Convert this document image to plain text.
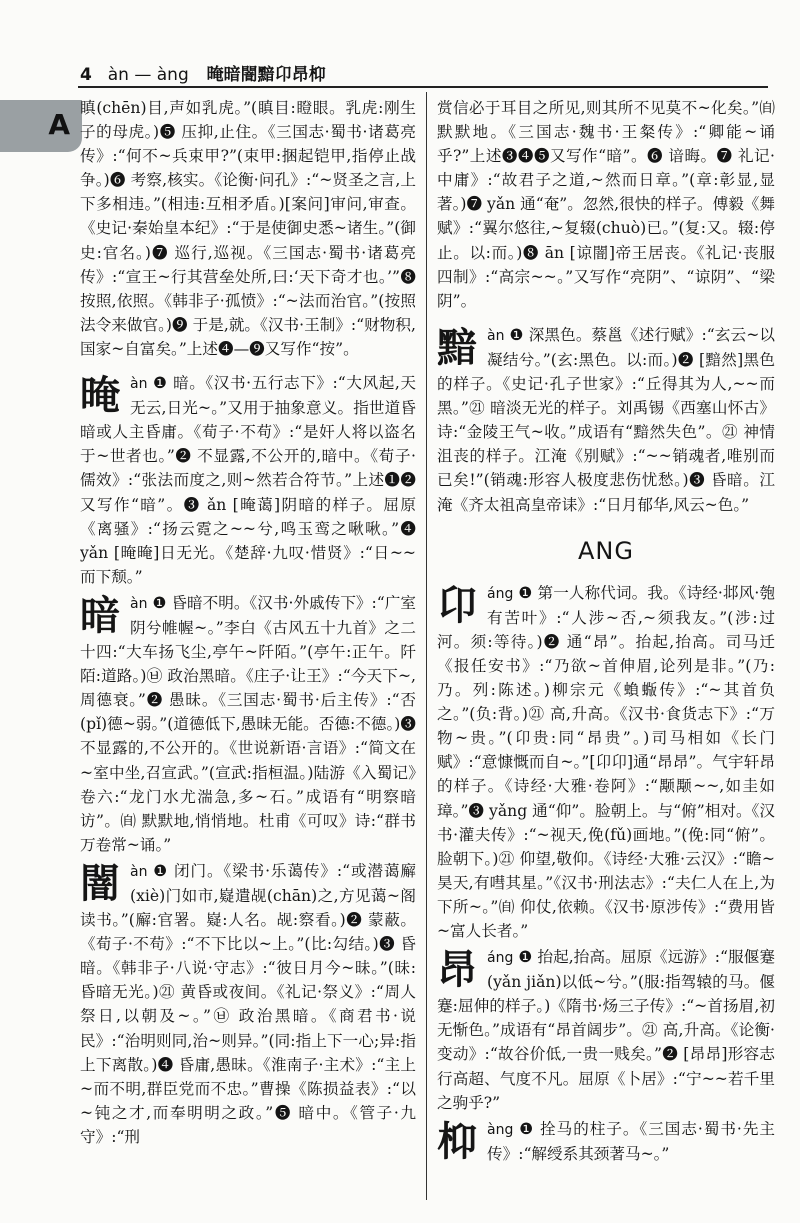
4 àn — àng 晻暗闇黯卬昂枊
A 瞋(chēn)目,声如乳虎。”(瞋目:瞪眼。乳虎:刚生子的母虎。)❺ 压抑,止住。《三国志·蜀书·诸葛亮传》:“何不~兵束甲?”(束甲:捆起铠甲,指停止战争。)❻ 考察,核实。《论衡·问孔》:“~贤圣之言,上下多相违。”(相违:互相矛盾。)[案问]审问,审查。《史记·秦始皇本纪》:“于是使御史悉~诸生。”(御史:官名。)❼ 巡行,巡视。《三国志·蜀书·诸葛亮传》:“宣王~行其营垒处所,曰:‘天下奇才也。’”❽ 按照,依照。《韩非子·孤愤》:“~法而治官。”(按照法令来做官。)❾ 于是,就。《汉书·王制》:“财物积,国家~自富矣。”上述❹—❾又写作“按”。
晻 àn ❶ 暗。《汉书·五行志下》:“大风起,天无云,日光~。”又用于抽象意义。指世道昏暗或人主昏庸。《荀子·不苟》:“是奸人将以盗名于~世者也。”❷ 不显露,不公开的,暗中。《荀子·儒效》:“张法而度之,则~然若合符节。”上述❶❷又写作“暗”。❸ ǎn [晻蔼]阴暗的样子。屈原《离骚》:“扬云霓之~~兮,鸣玉鸾之啾啾。”❹ yǎn [晻晻]日无光。《楚辞·九叹·惜贤》:“日~~而下颓。”
暗 àn ❶ 昏暗不明。《汉书·外戚传下》:“广室阴兮帷幄~。”李白《古风五十九首》之二十四:“大车扬飞尘,亭午~阡陌。”(亭午:正午。阡陌:道路。)㉥ 政治黑暗。《庄子·让王》:“今天下~,周德衰。”❷ 愚昧。《三国志·蜀书·后主传》:“否(pǐ)德~弱。”(道德低下,愚昧无能。否德:不德。)❸ 不显露的,不公开的。《世说新语·言语》:“简文在~室中坐,召宣武。”(宣武:指桓温。)陆游《入蜀记》卷六:“龙门水尤湍急,多~石。”成语有“明察暗访”。㉂ 默默地,悄悄地。杜甫《可叹》诗:“群书万卷常~诵。”
闇 àn ❶ 闭门。《梁书·乐蔼传》:“或潜蔼廨(xiè)门如市,嶷遣觇(chān)之,方见蔼~阁读书。”(廨:官署。嶷:人名。觇:察看。)❷ 蒙蔽。《荀子·不苟》:“不下比以~上。”(比:勾结。)❸ 昏暗。《韩非子·八说·守志》:“彼日月今~昧。”(昧:昏暗无光。)㉑ 黄昏或夜间。《礼记·祭义》:“周人祭日,以朝及~。”㉥ 政治黑暗。《商君书·说民》:“治明则同,治~则异。”(同:指上下一心;异:指上下离散。)❹ 昏庸,愚昧。《淮南子·主术》:“主上~而不明,群臣党而不忠。”曹操《陈损益表》:“以~钝之才,而奉明明之政。”❺ 暗中。《管子·九守》:“刑
赏信必于耳目之所见,则其所不见莫不~化矣。”㉂ 默默地。《三国志·魏书·王粲传》:“卿能~诵乎?”上述❸❹❺又写作“暗”。❻ 谙晦。❼ 礼记·中庸》:“故君子之道,~然而日章。”(章:彰显,显著。)❼ yǎn 通“奄”。忽然,很快的样子。傅毅《舞赋》:“翼尔悠往,~复辍(chuò)已。”(复:又。辍:停止。以:而。)❽ ān [谅闇]帝王居丧。《礼记·丧服四制》:“高宗~~。”又写作“亮阴”、“谅阴”、“梁阴”。
黯 àn ❶ 深黑色。蔡邕《述行赋》:“玄云~以凝结兮。”(玄:黑色。以:而。)❷ [黯然]黑色的样子。《史记·孔子世家》:“丘得其为人,~~而黑。”㉑ 暗淡无光的样子。刘禹锡《西塞山怀古》诗:“金陵王气~收。”成语有“黯然失色”。㉑ 神情沮丧的样子。江淹《别赋》:“~~销魂者,唯别而已矣!”(销魂:形容人极度悲伤忧愁。)❸ 昏暗。江淹《齐太祖高皇帝诔》:“日月郁华,风云~色。”
ANG
卬 áng ❶ 第一人称代词。我。《诗经·邶风·匏有苦叶》:“人涉~否,~须我友。”(涉:过河。须:等待。)❷ 通“昂”。抬起,抬高。司马迁《报任安书》:“乃欲~首伸眉,论列是非。”(乃:乃。列:陈述。)柳宗元《蝜蝂传》:“~其首负之。”(负:背。)㉑ 高,升高。《汉书·食货志下》:“万物~贵。”(卬贵:同“昂贵”。)司马相如《长门赋》:“意慷慨而自~。”[卬卬]通“昂昂”。气宇轩昂的样子。《诗经·大雅·卷阿》:“颙颙~~,如圭如璋。”❸ yǎng 通“仰”。脸朝上。与“俯”相对。《汉书·灌夫传》:“~视天,俛(fǔ)画地。”(俛:同“俯”。脸朝下。)㉑ 仰望,敬仰。《诗经·大雅·云汉》:“瞻~昊天,有嘒其星。”《汉书·刑法志》:“夫仁人在上,为下所~。”㉂ 仰仗,依赖。《汉书·原涉传》:“费用皆~富人长者。”
昂 áng ❶ 抬起,抬高。屈原《远游》:“服偃蹇(yǎn jiǎn)以低~兮。”(服:指驾辕的马。偃蹇:屈伸的样子。)《隋书·炀三子传》:“~首扬眉,初无惭色。”成语有“昂首阔步”。㉑ 高,升高。《论衡·变动》:“故谷价低,一贵一贱矣。”❷ [昂昂]形容志行高超、气度不凡。屈原《卜居》:“宁~~若千里之驹乎?”
枊 àng ❶ 拴马的柱子。《三国志·蜀书·先主传》:“解绶系其颈著马~。”
